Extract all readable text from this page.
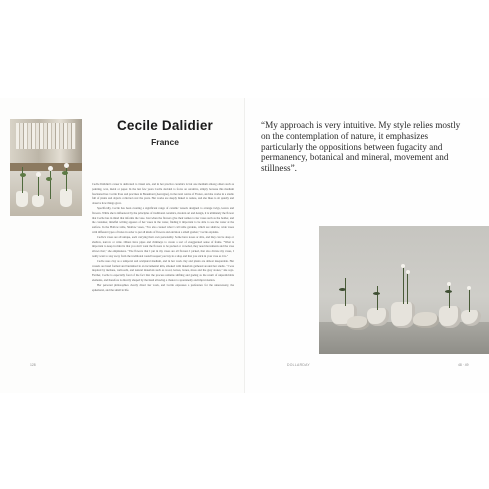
Cecile Dalidier
France

Cecile Dalidier's career is dedicated to visual arts, and in her practice ceramics is but one medium among others such as painting, wax, metal or paper. In the last few years Cecile decided to focus on ceramics, simply because this medium fascinated her. Cecile lives and practises in Beaumont (Auvergne), in the rural centre of France, and she works in a studio full of plants and objects collected over the years. Her works are deeply linked to nature, and she likes to sit quietly and observe how things grow.

Specifically, Cecile has been creating a significant range of ceramic vessels designed to arrange twigs, leaves and flowers. While she is influenced by the principles of traditional ceramics, modern art and design, it is ultimately the flower that Cecile has in mind that informs the vase. Just when the flowers give their names to her vases such as the holder, and the container, mindful writing appears of her vases in the water, finding it important to be able to see the water at the surface. In the Hollow table, Shallow vases, "I've also created what I call table gardens, which are shallow, wide vases with different types of holes in order to put all kinds of flowers and envision a small garden," Cecile explains.

Cecile's vases are all unique, each carrying their own personality. Some have noses or slits, and they can be deep or shallow, narrow or wide. Others have pipes and chimneys to create a sort of exaggerated sense of frame. "What is important to keep in mind is that you don't want the flowers to be packed or crowded, they need movements and the vase allows that," she emphasizes. "The flowers that I put in my vases are all flowers I picked, that also dictate my vases, I really want to stay away from the traditional round bouquet you buy in a shop and that you stick in your vase as it is."

Cecile uses clay as a temporal and sculptural medium, and in her work clay and plants are almost inseparable. Her vessels are hand formed and burnished in an incremental kiln, smoked with materials gathered around her studio. "I was inspired by ikebana, wabi-sabi, and natural materials such as wood, leaves, bones, moss and the grey stones," she says. Further, Cecile is especially fond of the fact that the process remains shifting and gazing as the result of unpredictable elements, and therefore is directly shaped by the hand allowing a chance to spontaneity and improvisation.

Her personal philosophies clearly direct her work, and Cecile expresses a preference for the unnecessary, the ephemeral, and the small in life.

128
“My approach is very intuitive. My style relies mostly on the contemplation of nature, it emphasizes particularly the oppositions between fugacity and permanency, botanical and mineral, movement and stillness”.
DOLLARDAY	48 · 49
